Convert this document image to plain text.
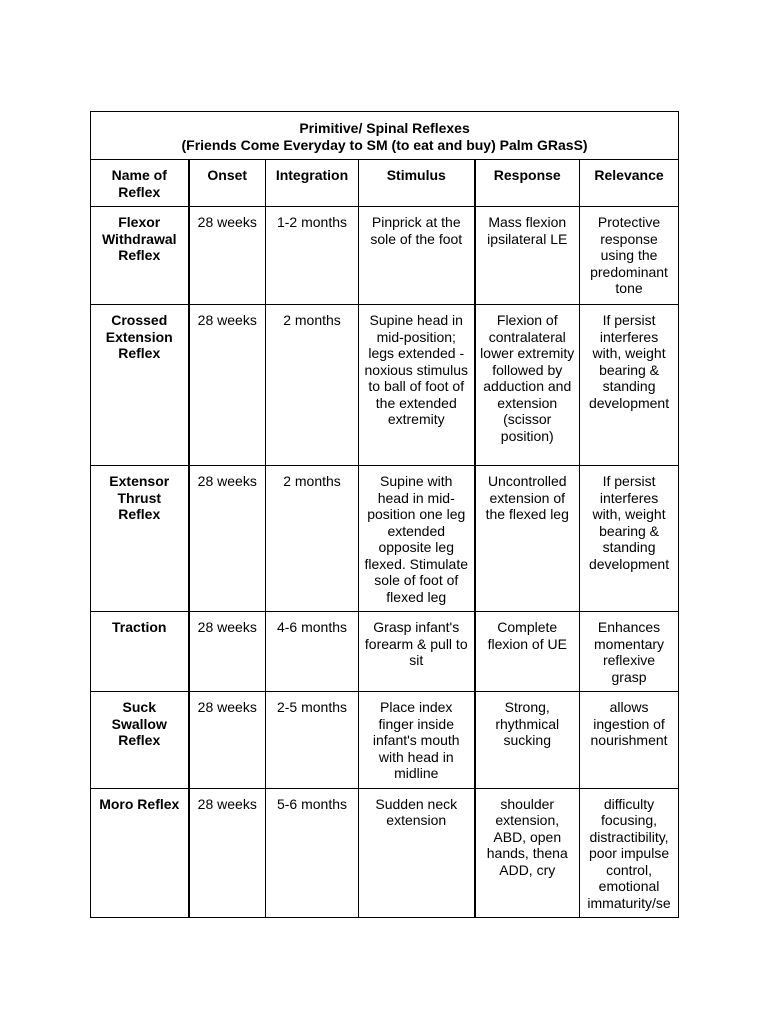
Primitive/ Spinal Reflexes
(Friends Come Everyday to SM (to eat and buy) Palm GRasS)					

Name of Reflex	Onset	Integration	Stimulus	Response	Relevance
Flexor Withdrawal Reflex	28 weeks	1-2 months	Pinprick at the sole of the foot	Mass flexion ipsilateral LE	Protective response using the predominant tone
Crossed Extension Reflex	28 weeks	2 months	Supine head in mid-position; legs extended - noxious stimulus to ball of foot of the extended extremity	Flexion of contralateral lower extremity followed by adduction and extension (scissor position)	If persist interferes with, weight bearing & standing development
Extensor Thrust Reflex	28 weeks	2 months	Supine with head in mid-position one leg extended opposite leg flexed. Stimulate sole of foot of flexed leg	Uncontrolled extension of the flexed leg	If persist interferes with, weight bearing & standing development
Traction	28 weeks	4-6 months	Grasp infant's forearm & pull to sit	Complete flexion of UE	Enhances momentary reflexive grasp
Suck Swallow Reflex	28 weeks	2-5 months	Place index finger inside infant's mouth with head in midline	Strong, rhythmical sucking	allows ingestion of nourishment
Moro Reflex	28 weeks	5-6 months	Sudden neck extension	shoulder extension, ABD, open hands, thena ADD, cry	difficulty focusing, distractibility, poor impulse control, emotional immaturity/se
